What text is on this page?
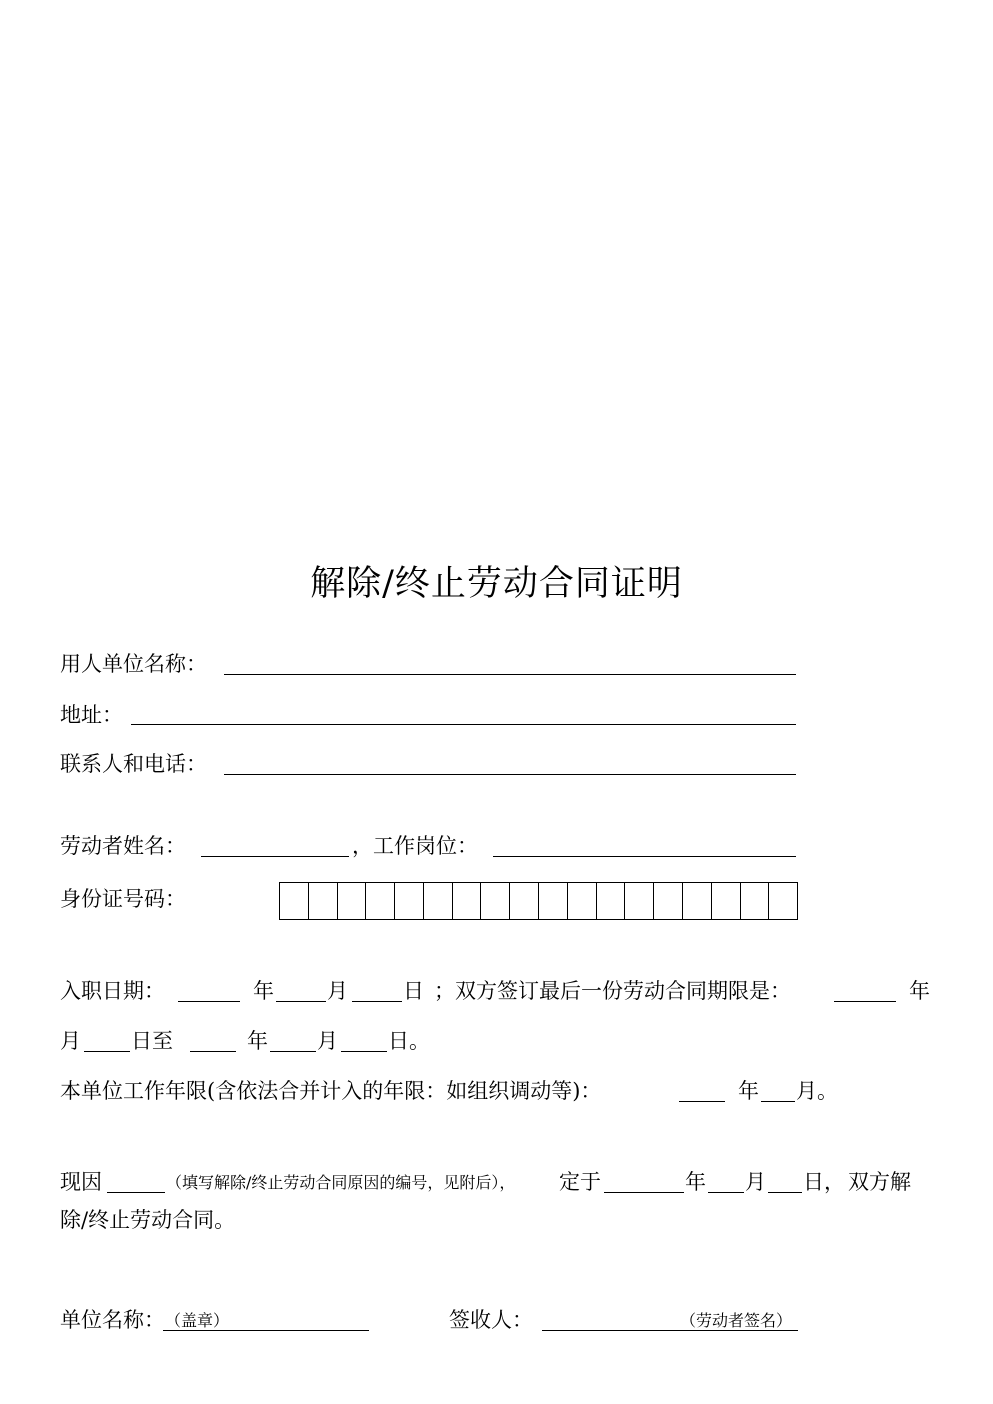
解除/终止劳动合同证明
用人单位名称：
地址：
联系人和电话：
劳动者姓名：	，工作岗位：
身份证号码：
入职日期：	年	月	日 ；双方签订最后一份劳动合同期限是：	年
月 日至	年 月 日。
本单位工作年限(含依法合并计入的年限：如组织调动等)：	年 月。
现因	（填写解除/终止劳动合同原因的编号，见附后）， 定于	年 月 日， 双方解
除/终止劳动合同。
单位名称： （盖章）	签收人：	（劳动者签名）
